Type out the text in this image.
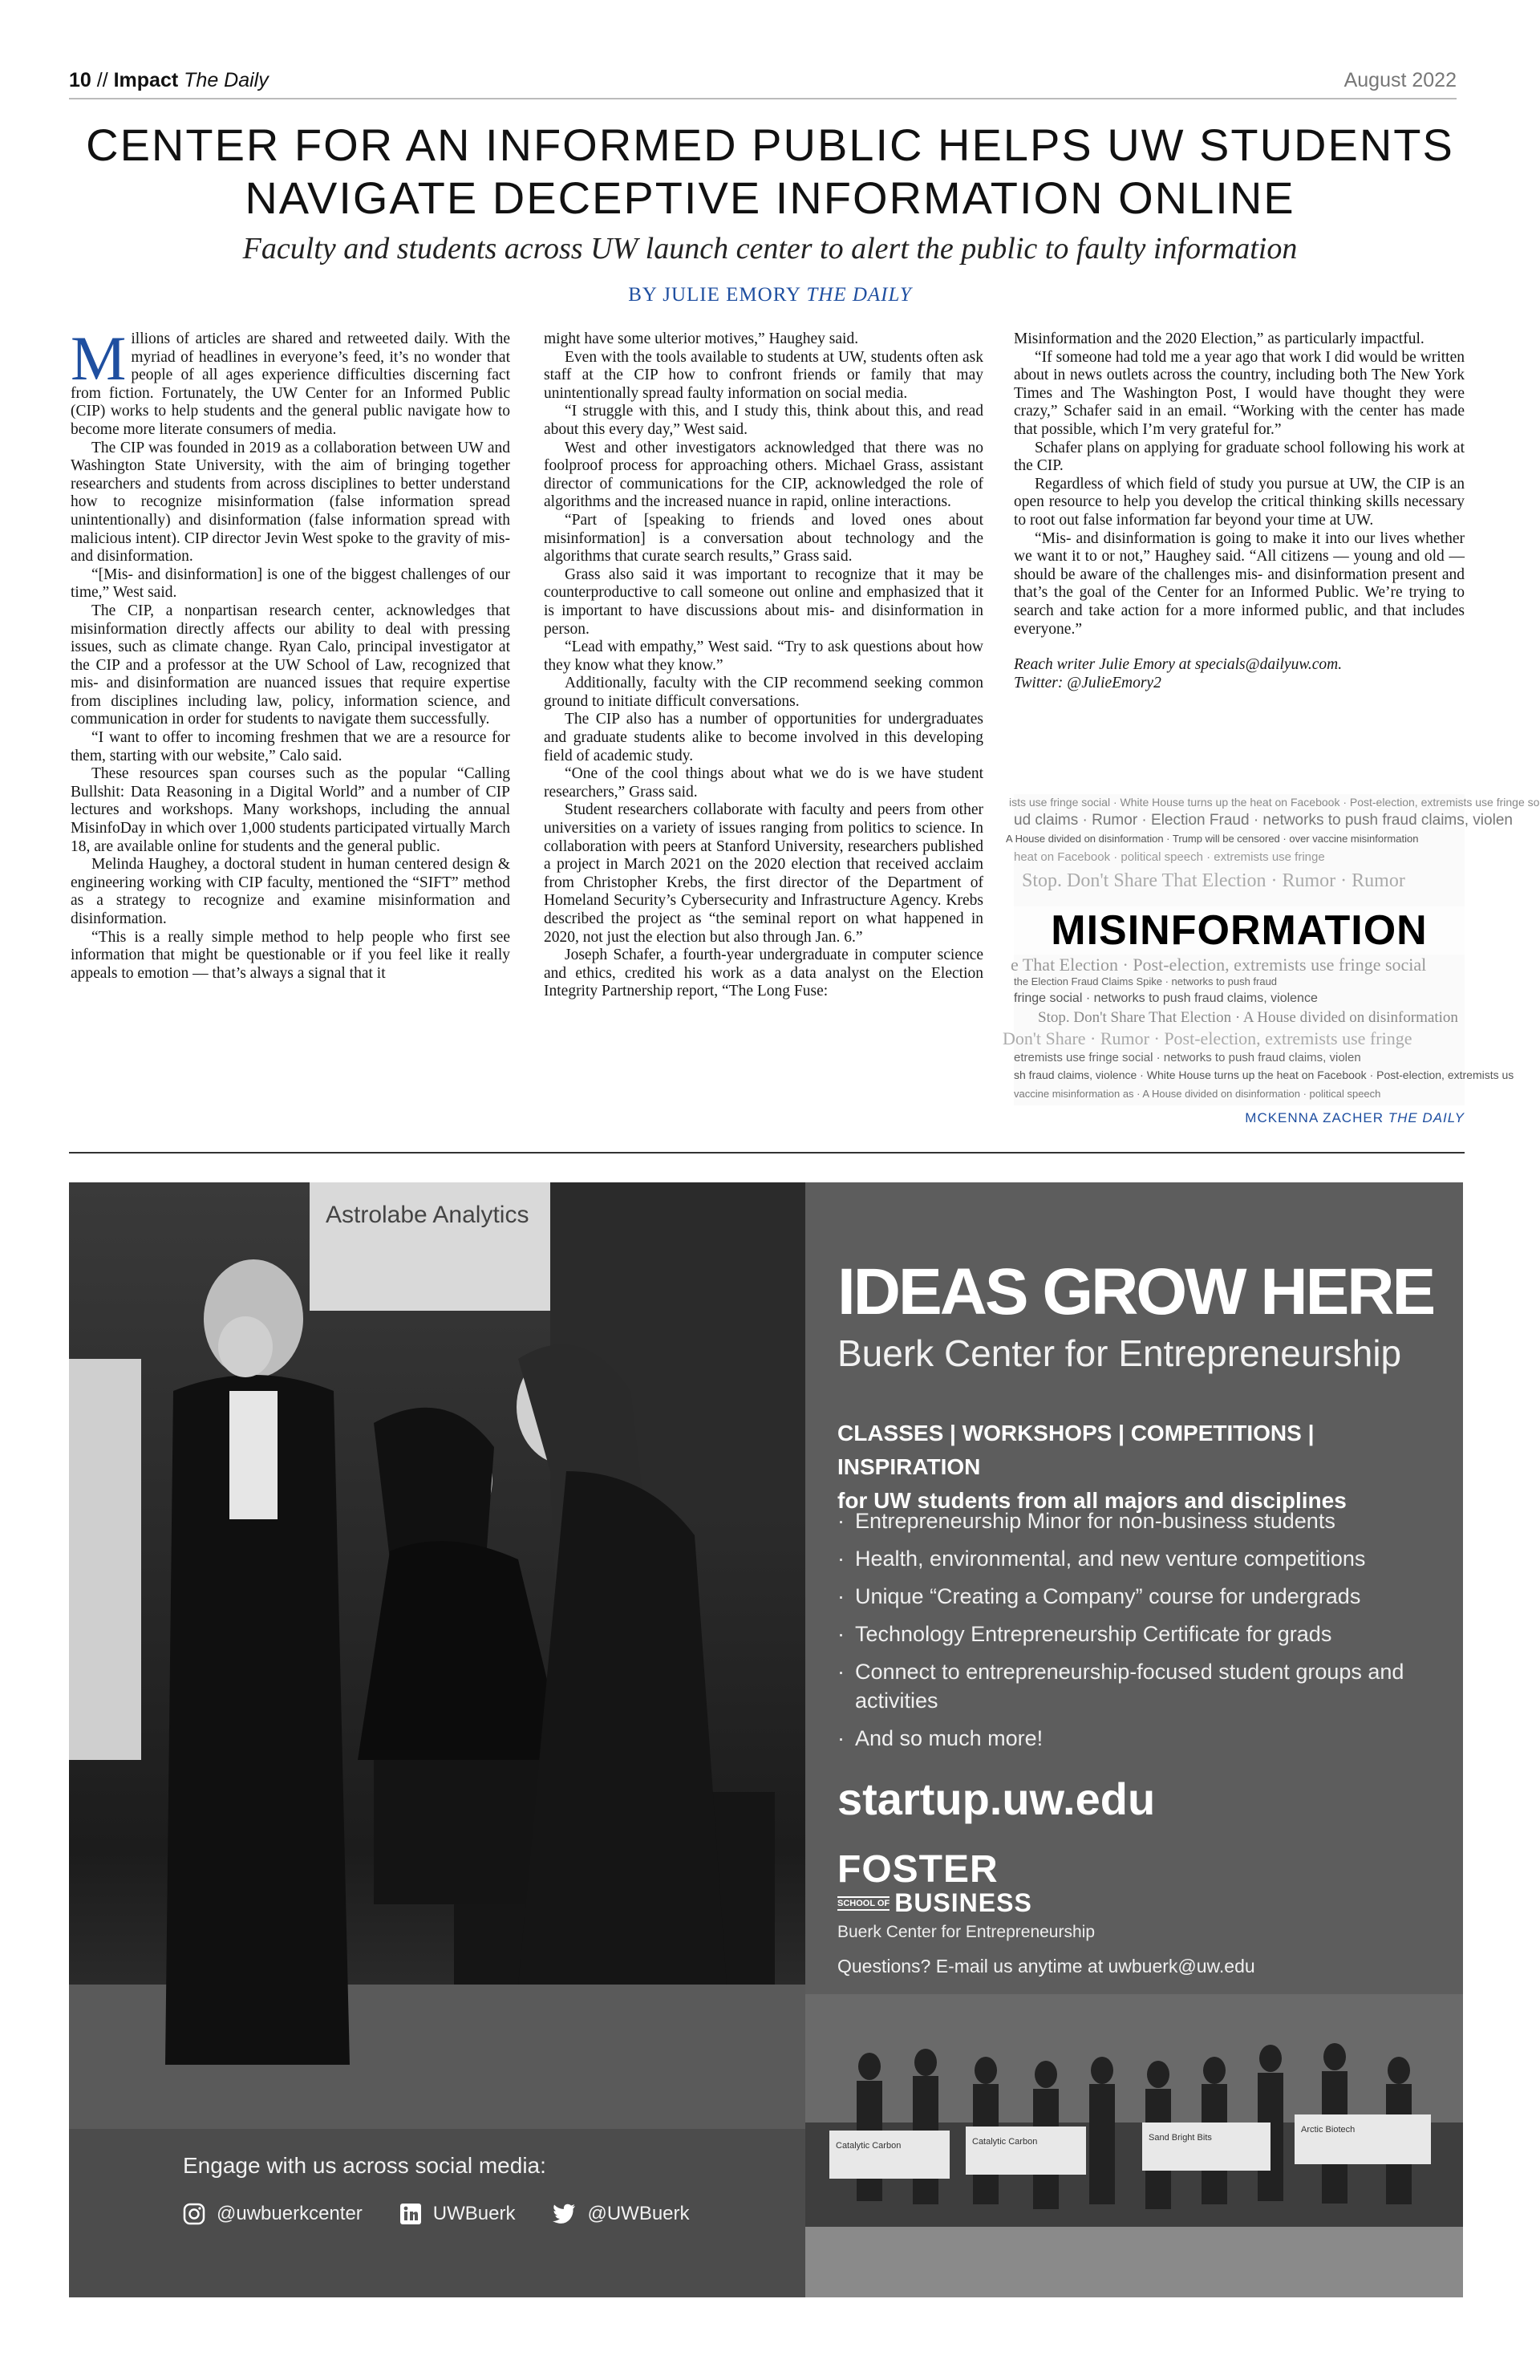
10 // Impact The Daily	August 2022
CENTER FOR AN INFORMED PUBLIC HELPS UW STUDENTS NAVIGATE DECEPTIVE INFORMATION ONLINE
Faculty and students across UW launch center to alert the public to faulty information
BY JULIE EMORY THE DAILY

Millions of articles are shared and retweeted daily. With the myriad of headlines in everyone’s feed, it’s no wonder that people of all ages experience difficulties discerning fact from fiction. Fortunately, the UW Center for an Informed Public (CIP) works to help students and the general public navigate how to become more literate consumers of media.

The CIP was founded in 2019 as a collaboration between UW and Washington State University, with the aim of bringing together researchers and students from across disciplines to better understand how to recognize misinformation (false information spread unintentionally) and disinformation (false information spread with malicious intent). CIP director Jevin West spoke to the gravity of mis- and disinformation.

“[Mis- and disinformation] is one of the biggest challenges of our time,” West said.

The CIP, a nonpartisan research center, acknowledges that misinformation directly affects our ability to deal with pressing issues, such as climate change. Ryan Calo, principal investigator at the CIP and a professor at the UW School of Law, recognized that mis- and disinformation are nuanced issues that require expertise from disciplines including law, policy, information science, and communication in order for students to navigate them successfully.

“I want to offer to incoming freshmen that we are a resource for them, starting with our website,” Calo said.

These resources span courses such as the popular “Calling Bullshit: Data Reasoning in a Digital World” and a number of CIP lectures and workshops. Many workshops, including the annual MisinfoDay in which over 1,000 students participated virtually March 18, are available online for students and the general public.

Melinda Haughey, a doctoral student in human centered design & engineering working with CIP faculty, mentioned the “SIFT” method as a strategy to recognize and examine misinformation and disinformation.

“This is a really simple method to help people who first see information that might be questionable or if you feel like it really appeals to emotion — that’s always a signal that it

might have some ulterior motives,” Haughey said.

Even with the tools available to students at UW, students often ask staff at the CIP how to confront friends or family that may unintentionally spread faulty information on social media.

“I struggle with this, and I study this, think about this, and read about this every day,” West said.

West and other investigators acknowledged that there was no foolproof process for approaching others. Michael Grass, assistant director of communications for the CIP, acknowledged the role of algorithms and the increased nuance in rapid, online interactions.

“Part of [speaking to friends and loved ones about misinformation] is a conversation about technology and the algorithms that curate search results,” Grass said.

Grass also said it was important to recognize that it may be counterproductive to call someone out online and emphasized that it is important to have discussions about mis- and disinformation in person.

“Lead with empathy,” West said. “Try to ask questions about how they know what they know.”

Additionally, faculty with the CIP recommend seeking common ground to initiate difficult conversations.

The CIP also has a number of opportunities for undergraduates and graduate students alike to become involved in this developing field of academic study.

“One of the cool things about what we do is we have student researchers,” Grass said.

Student researchers collaborate with faculty and peers from other universities on a variety of issues ranging from politics to science. In collaboration with peers at Stanford University, researchers published a project in March 2021 on the 2020 election that received acclaim from Christopher Krebs, the first director of the Department of Homeland Security’s Cybersecurity and Infrastructure Agency. Krebs described the project as “the seminal report on what happened in 2020, not just the election but also through Jan. 6.”

Joseph Schafer, a fourth-year undergraduate in computer science and ethics, credited his work as a data analyst on the Election Integrity Partnership report, “The Long Fuse:

Misinformation and the 2020 Election,” as particularly impactful.

“If someone had told me a year ago that work I did would be written about in news outlets across the country, including both The New York Times and The Washington Post, I would have thought they were crazy,” Schafer said in an email. “Working with the center has made that possible, which I’m very grateful for.”

Schafer plans on applying for graduate school following his work at the CIP.

Regardless of which field of study you pursue at UW, the CIP is an open resource to help you develop the critical thinking skills necessary to root out false information far beyond your time at UW.

“Mis- and disinformation is going to make it into our lives whether we want it to or not,” Haughey said. “All citizens — young and old — should be aware of the challenges mis- and disinformation present and that’s the goal of the Center for an Informed Public. We’re trying to search and take action for a more informed public, and that includes everyone.”

Reach writer Julie Emory at specials@dailyuw.com.
Twitter: @JulieEmory2

ists use fringe social · White House turns up the heat on Facebook · Post-election, extremists use fringe so
ud claims · Rumor · Election Fraud · networks to push fraud claims, violen
A House divided on disinformation · Trump will be censored · over vaccine misinformation
heat on Facebook · political speech · extremists use fringe
Stop. Don't Share That Election · Rumor · Rumor
e That Election · Post-election, extremists use fringe social
the Election Fraud Claims Spike · networks to push fraud
fringe social · networks to push fraud claims, violence
Stop. Don't Share That Election · A House divided on disinformation
Don't Share · Rumor · Post-election, extremists use fringe
etremists use fringe social · networks to push fraud claims, violen
sh fraud claims, violence · White House turns up the heat on Facebook · Post-election, extremists us
vaccine misinformation as · A House divided on disinformation · political speech
MISINFORMATION
MCKENNA ZACHER THE DAILY
Astrolabe Analytics
Engage with us across social media:
@uwbuerkcenter	UWBuerk	@UWBuerk
IDEAS GROW HERE
Buerk Center for Entrepreneurship
CLASSES | WORKSHOPS | COMPETITIONS | INSPIRATION
for UW students from all majors and disciplines
· Entrepreneurship Minor for non-business students
· Health, environmental, and new venture competitions
· Unique “Creating a Company” course for undergrads
· Technology Entrepreneurship Certificate for grads
· Connect to entrepreneurship-focused student groups and activities
· And so much more!
startup.uw.edu
FOSTER
SCHOOL OF BUSINESS
Buerk Center for Entrepreneurship
Questions? E-mail us anytime at uwbuerk@uw.edu
Catalytic Carbon	Catalytic Carbon	Sand Bright Bits
Arctic Biotech
